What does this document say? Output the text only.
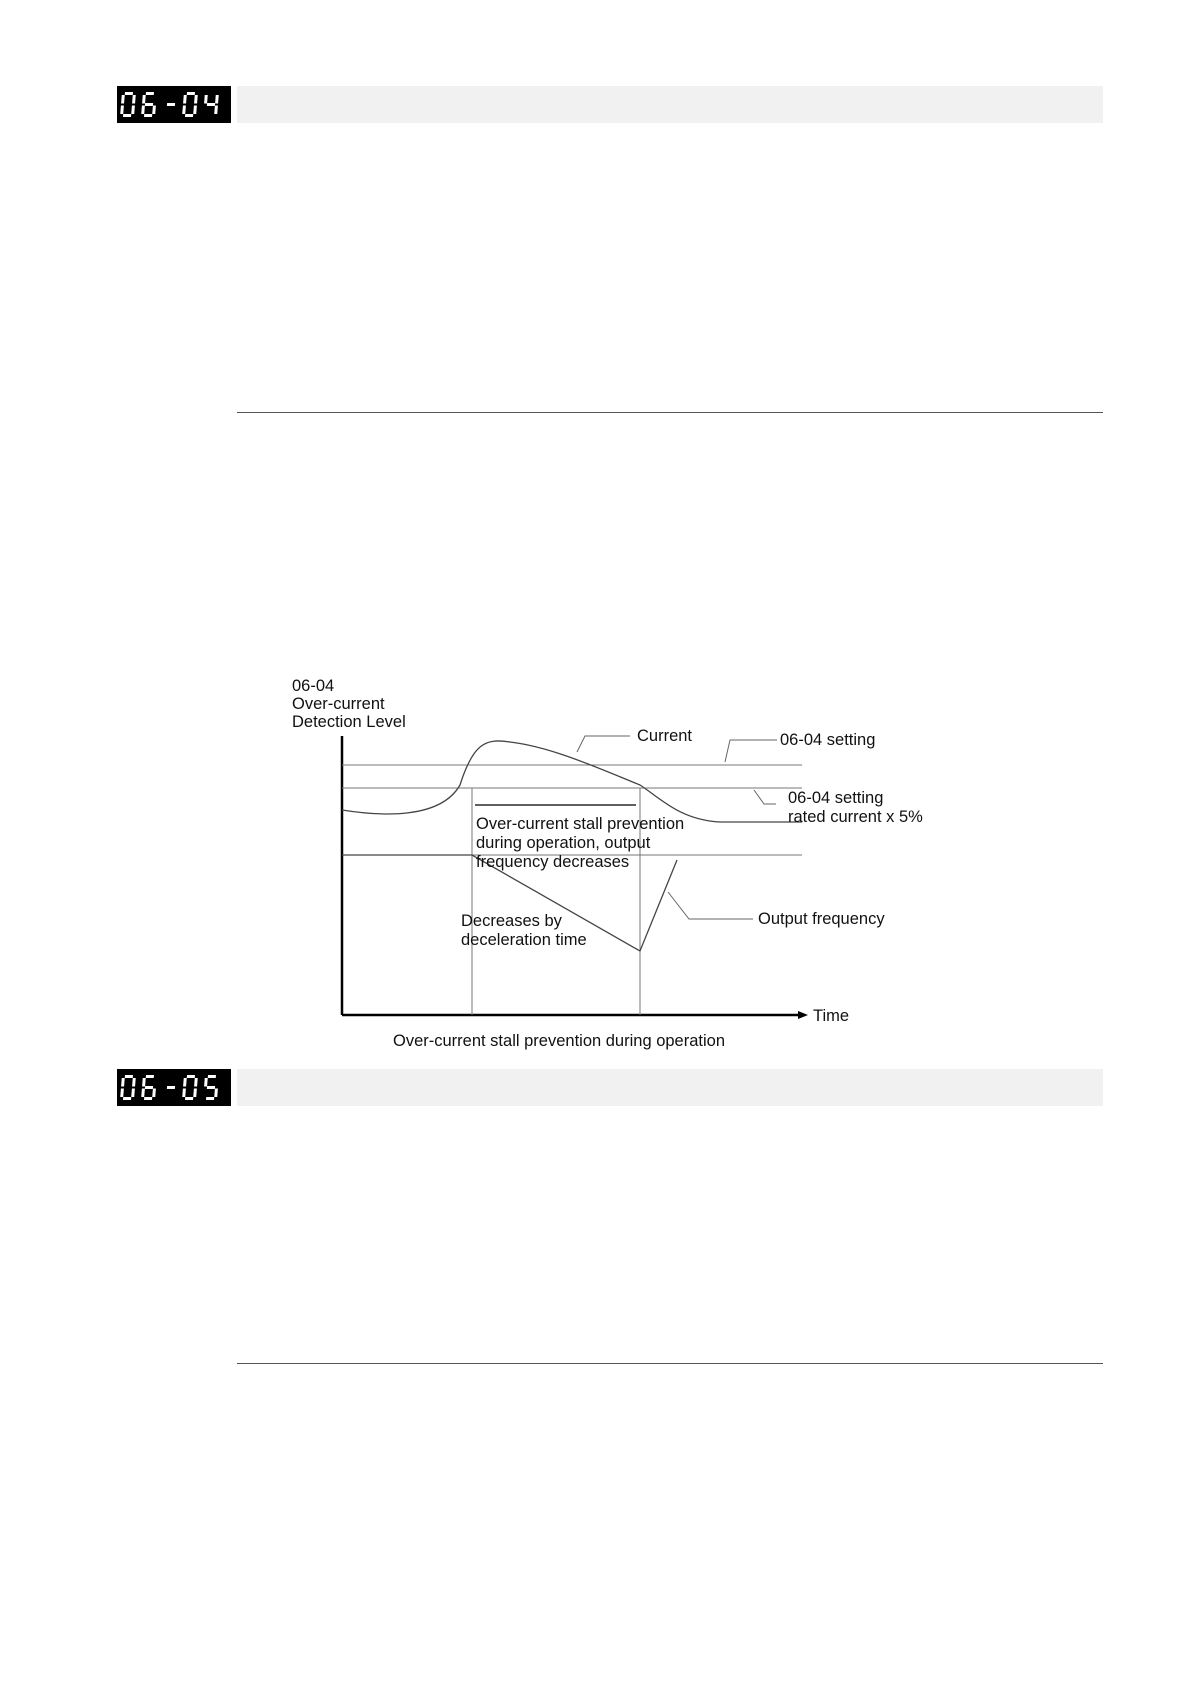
06-04 Over-current Detection Level
Current	06-04 setting
06-04 setting rated current x 5%
Over-current stall prevention during operation, output frequency decreases
Decreases by deceleration time
Output frequency
Time
Over-current stall prevention during operation
